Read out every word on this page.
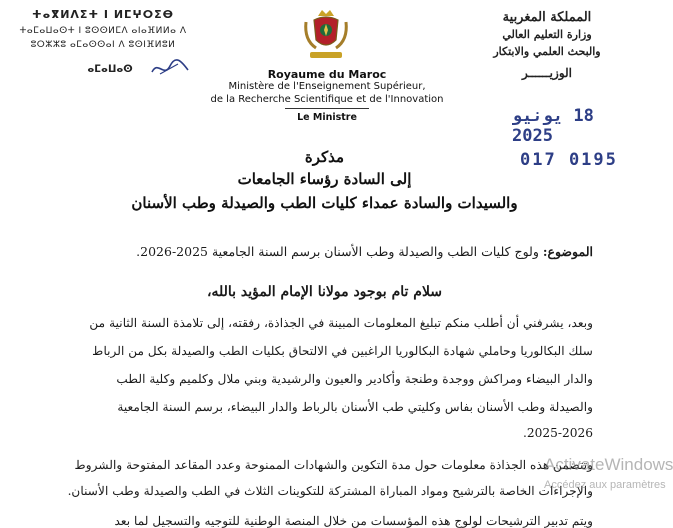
ⵜⴰⴳⵍⴷⵉⵜ ⵏ ⵍⵎⵖⵔⵉⴱ
ⵜⴰⵎⴰⵡⴰⵙⵜ ⵏ ⵓⵙⵙⵍⵎⴷ ⴰⵏⴰⴼⵍⵍⴰ ⴷ
ⵓⵔⵣⵣⵓ ⴰⵎⴰⵙⵙⴰⵏ ⴷ ⵓⵙⵏⴼⵍⵓⵍ
ⴰⵎⴰⵡⴰⵙ
المملكة المغربية
وزارة التعليم العالي
والبحث العلمي والابتكار
الوزيــــــر
Royaume du Maroc
Ministère de l'Enseignement Supérieur,
de la Recherche Scientifique et de l'Innovation
Le Ministre	18 يونيو 2025
017 0195
مذكرة
إلى السادة رؤساء الجامعات
والسيدات والسادة عمداء كليات الطب والصيدلة وطب الأسنان
الموضوع: ولوج كليات الطب والصيدلة وطب الأسنان برسم السنة الجامعية 2025-2026.
سلام تام بوجود مولانا الإمام المؤيد بالله،
وبعد، يشرفني أن أطلب منكم تبليغ المعلومات المبينة في الجذاذة، رفقته، إلى تلامذة السنة الثانية من
سلك البكالوريا وحاملي شهادة البكالوريا الراغبين في الالتحاق بكليات الطب والصيدلة بكل من الرباط
والدار البيضاء ومراكش ووجدة وطنجة وأكادير والعيون والرشيدية وبني ملال وكلميم وكلية الطب
والصيدلة وطب الأسنان بفاس وكليتي طب الأسنان بالرباط والدار البيضاء، برسم السنة الجامعية
2025-2026.
وتتضمن هذه الجذاذة معلومات حول مدة التكوين والشهادات الممنوحة وعدد المقاعد المفتوحة والشروط
والإجراءات الخاصة بالترشيح ومواد المباراة المشتركة للتكوينات الثلاث في الطب والصيدلة وطب الأسنان.
ويتم تدبير الترشيحات لولوج هذه المؤسسات من خلال المنصة الوطنية للتوجيه والتسجيل لما بعد
ActivateWindows
Accédez aux paramètres
